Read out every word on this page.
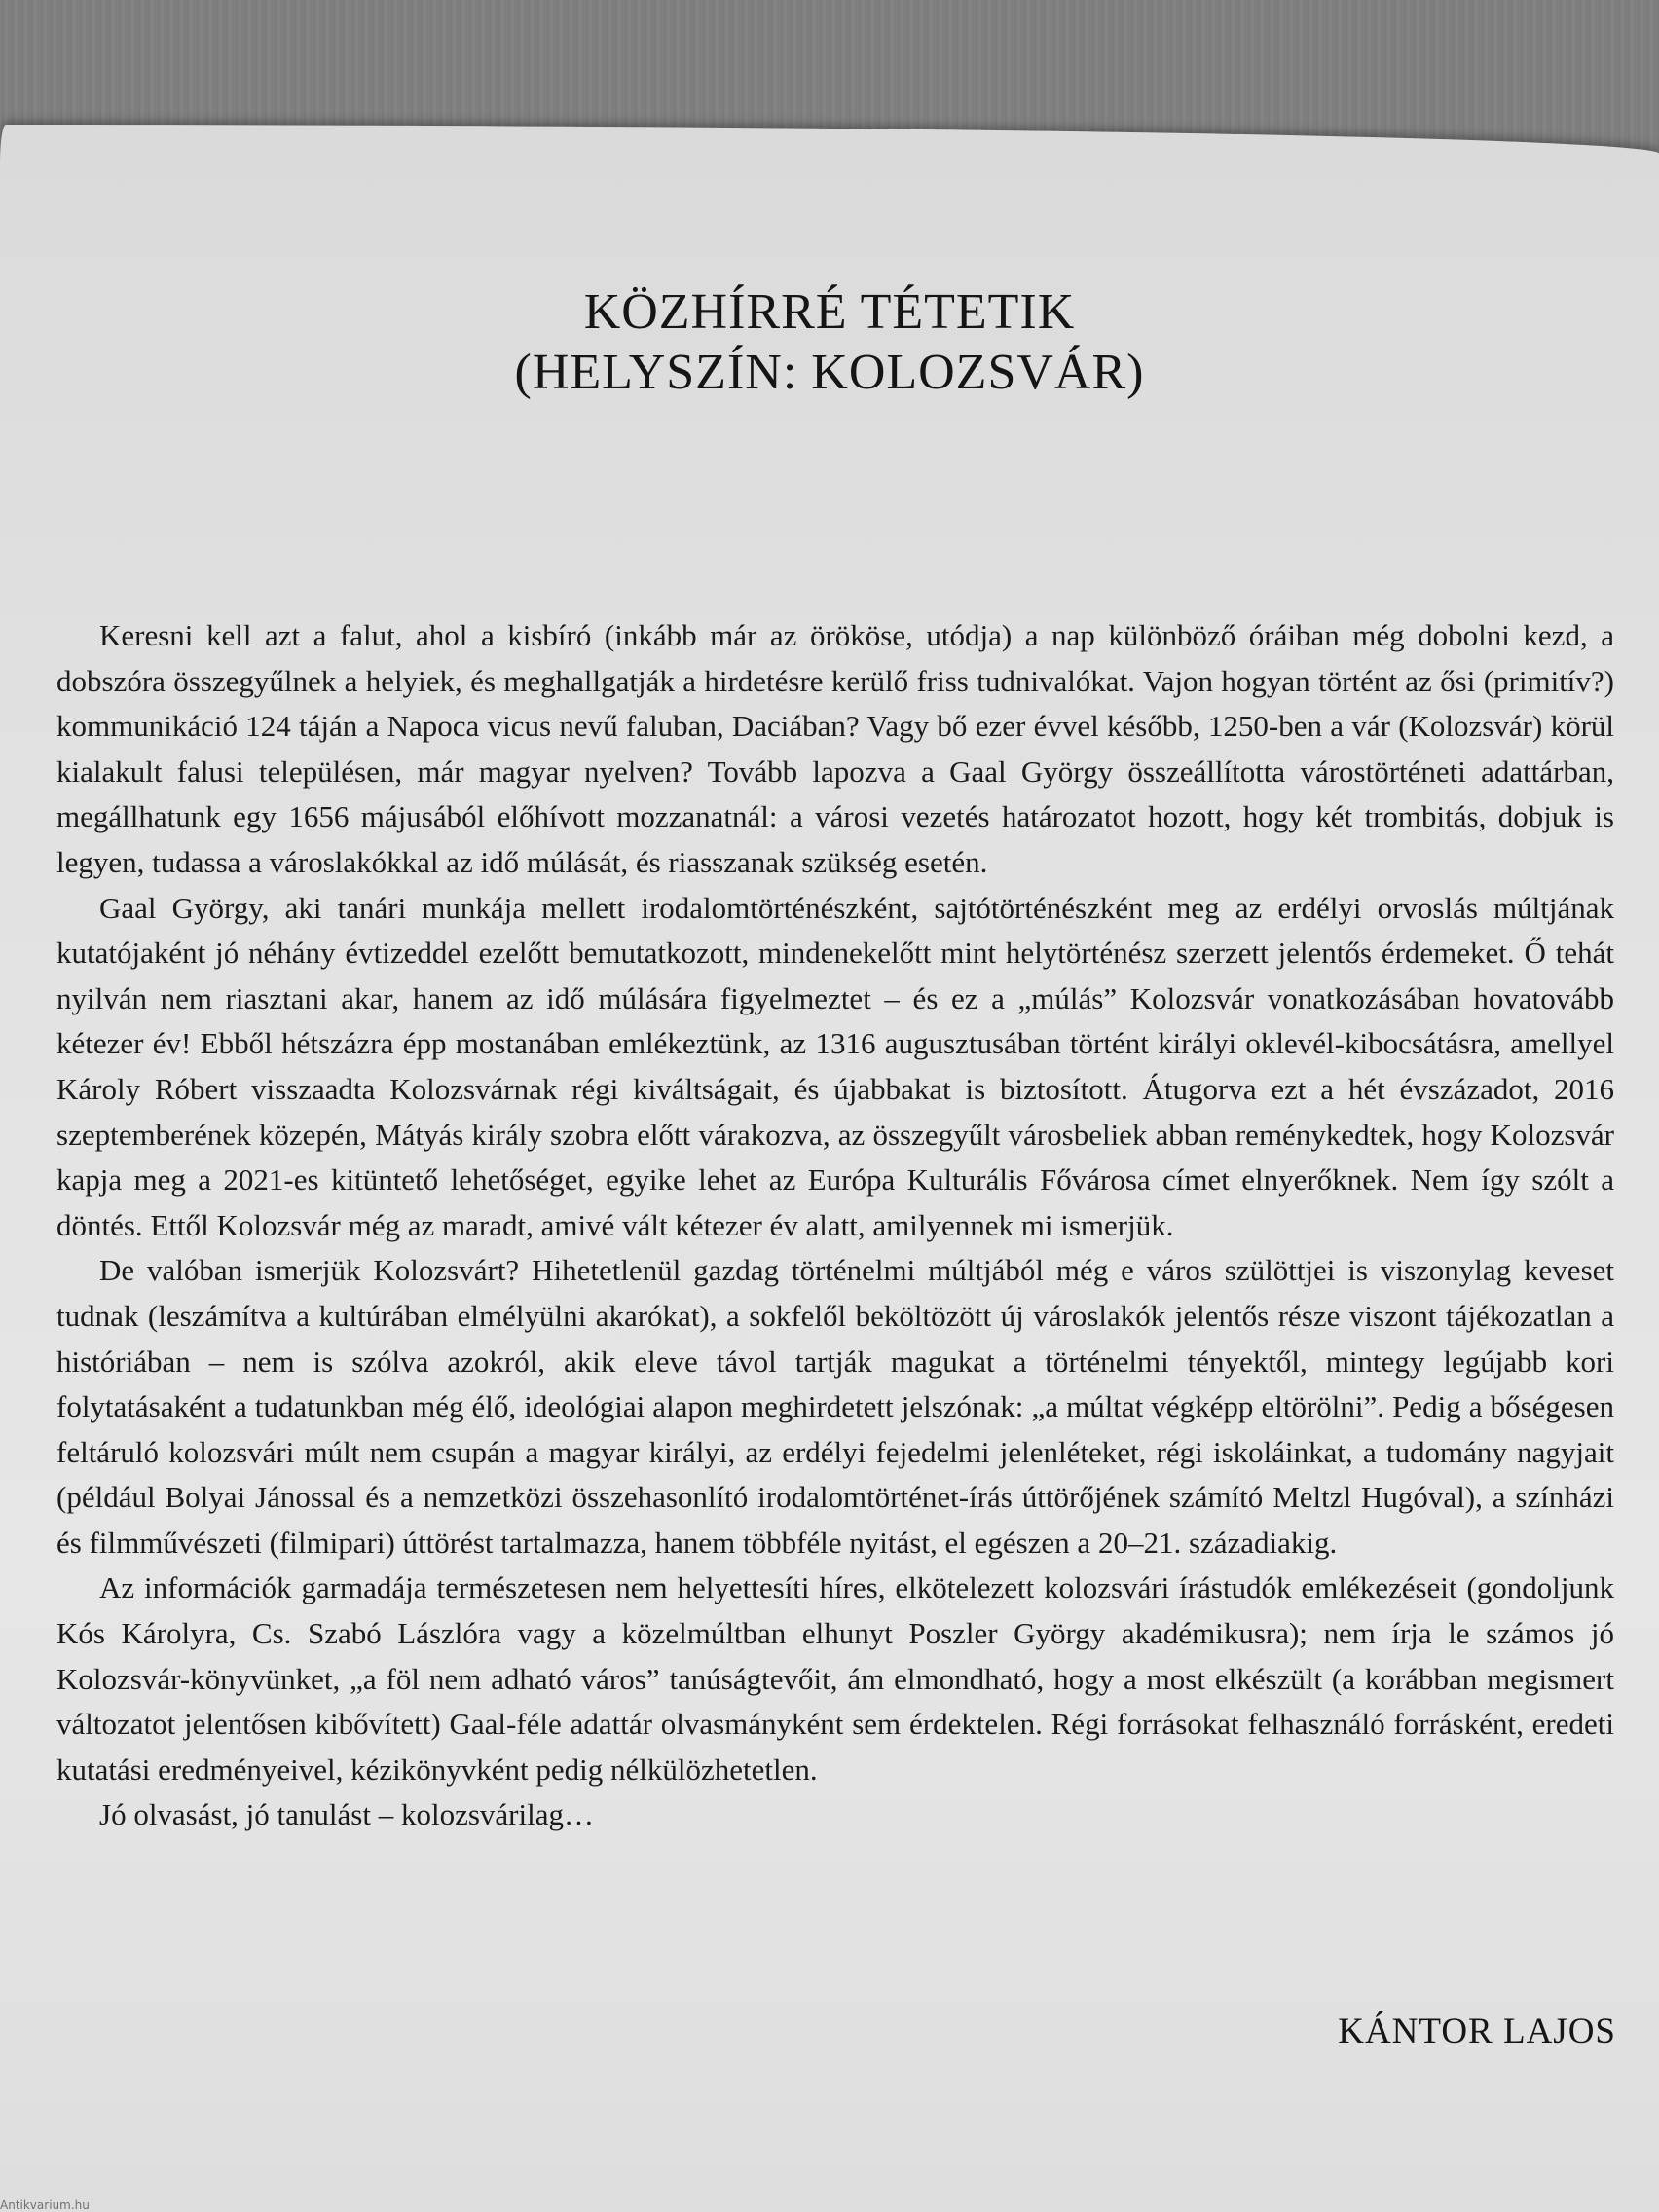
KÖZHÍRRÉ TÉTETIK
(HELYSZÍN: KOLOZSVÁR)

Keresni kell azt a falut, ahol a kisbíró (inkább már az örököse, utódja) a nap különböző óráiban még dobolni kezd, a dobszóra összegyűlnek a helyiek, és meghallgatják a hirdetésre kerülő friss tudnivalókat. Vajon hogyan történt az ősi (primitív?) kommunikáció 124 táján a Napoca vicus nevű faluban, Daciában? Vagy bő ezer évvel később, 1250-ben a vár (Kolozsvár) körül kialakult falusi településen, már magyar nyelven? Tovább lapozva a Gaal György összeállította várostörténeti adattárban, megállhatunk egy 1656 májusából előhívott mozzanatnál: a városi vezetés határozatot hozott, hogy két trombitás, dobjuk is legyen, tudassa a városlakókkal az idő múlását, és riasszanak szükség esetén.

Gaal György, aki tanári munkája mellett irodalomtörténészként, sajtótörténészként meg az erdélyi orvoslás múltjának kutatójaként jó néhány évtizeddel ezelőtt bemutatkozott, mindenekelőtt mint helytörténész szerzett jelentős érdemeket. Ő tehát nyilván nem riasztani akar, hanem az idő múlására figyelmeztet – és ez a „múlás” Kolozsvár vonatkozásában hovatovább kétezer év! Ebből hétszázra épp mostanában emlékeztünk, az 1316 augusztusában történt királyi oklevél-kibocsátásra, amellyel Károly Róbert visszaadta Kolozsvárnak régi kiváltságait, és újabbakat is biztosított. Átugorva ezt a hét évszázadot, 2016 szeptemberének közepén, Mátyás király szobra előtt várakozva, az összegyűlt városbeliek abban reménykedtek, hogy Kolozsvár kapja meg a 2021-es kitüntető lehetőséget, egyike lehet az Európa Kulturális Fővárosa címet elnyerőknek. Nem így szólt a döntés. Ettől Kolozsvár még az maradt, amivé vált kétezer év alatt, amilyennek mi ismerjük.

De valóban ismerjük Kolozsvárt? Hihetetlenül gazdag történelmi múltjából még e város szülöttjei is viszonylag keveset tudnak (leszámítva a kultúrában elmélyülni akarókat), a sokfelől beköltözött új városlakók jelentős része viszont tájékozatlan a históriában – nem is szólva azokról, akik eleve távol tartják magukat a történelmi tényektől, mintegy legújabb kori folytatásaként a tudatunkban még élő, ideológiai alapon meghirdetett jelszónak: „a múltat végképp eltörölni”. Pedig a bőségesen feltáruló kolozsvári múlt nem csupán a magyar királyi, az erdélyi fejedelmi jelenléteket, régi iskoláinkat, a tudomány nagyjait (például Bolyai Jánossal és a nemzetközi összehasonlító irodalomtörténet-írás úttörőjének számító Meltzl Hugóval), a színházi és filmművészeti (filmipari) úttörést tartalmazza, hanem többféle nyitást, el egészen a 20–21. századiakig.

Az információk garmadája természetesen nem helyettesíti híres, elkötelezett kolozsvári írástudók emlékezéseit (gondoljunk Kós Károlyra, Cs. Szabó Lászlóra vagy a közelmúltban elhunyt Poszler György akadémikusra); nem írja le számos jó Kolozsvár-könyvünket, „a föl nem adható város” tanúságtevőit, ám elmondható, hogy a most elkészült (a korábban megismert változatot jelentősen kibővített) Gaal-féle adattár olvasmányként sem érdektelen. Régi forrásokat felhasználó forrásként, eredeti kutatási eredményeivel, kézikönyvként pedig nélkülözhetetlen.

Jó olvasást, jó tanulást – kolozsvárilag…

KÁNTOR LAJOS
Antikvarium.hu
